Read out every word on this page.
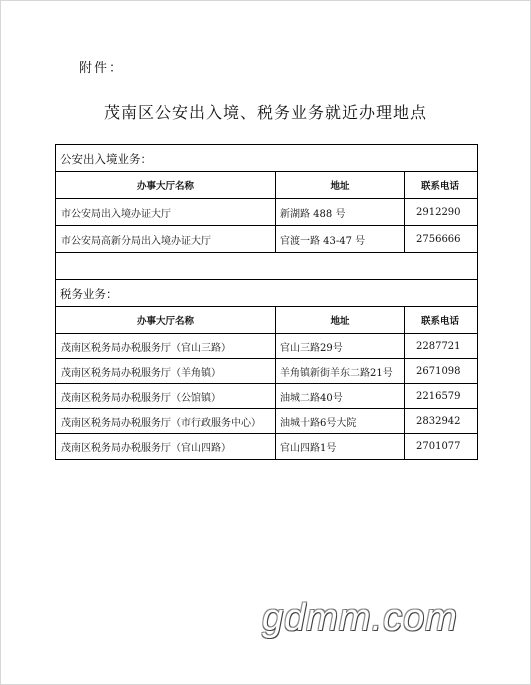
附件：
茂南区公安出入境、税务业务就近办理地点
公安出入境业务：
办事大厅名称	地址	联系电话
市公安局出入境办证大厅	新湖路 488 号	2912290
市公安局高新分局出入境办证大厅	官渡一路 43-47 号	2756666
税务业务：
办事大厅名称	地址	联系电话
茂南区税务局办税服务厅（官山三路）	官山三路29号	2287721
茂南区税务局办税服务厅（羊角镇）	羊角镇新街羊东二路21号	2671098
茂南区税务局办税服务厅（公馆镇）	油城二路40号	2216579
茂南区税务局办税服务厅（市行政服务中心）	油城十路6号大院	2832942
茂南区税务局办税服务厅（官山四路）	官山四路1号	2701077
gdmm.com
